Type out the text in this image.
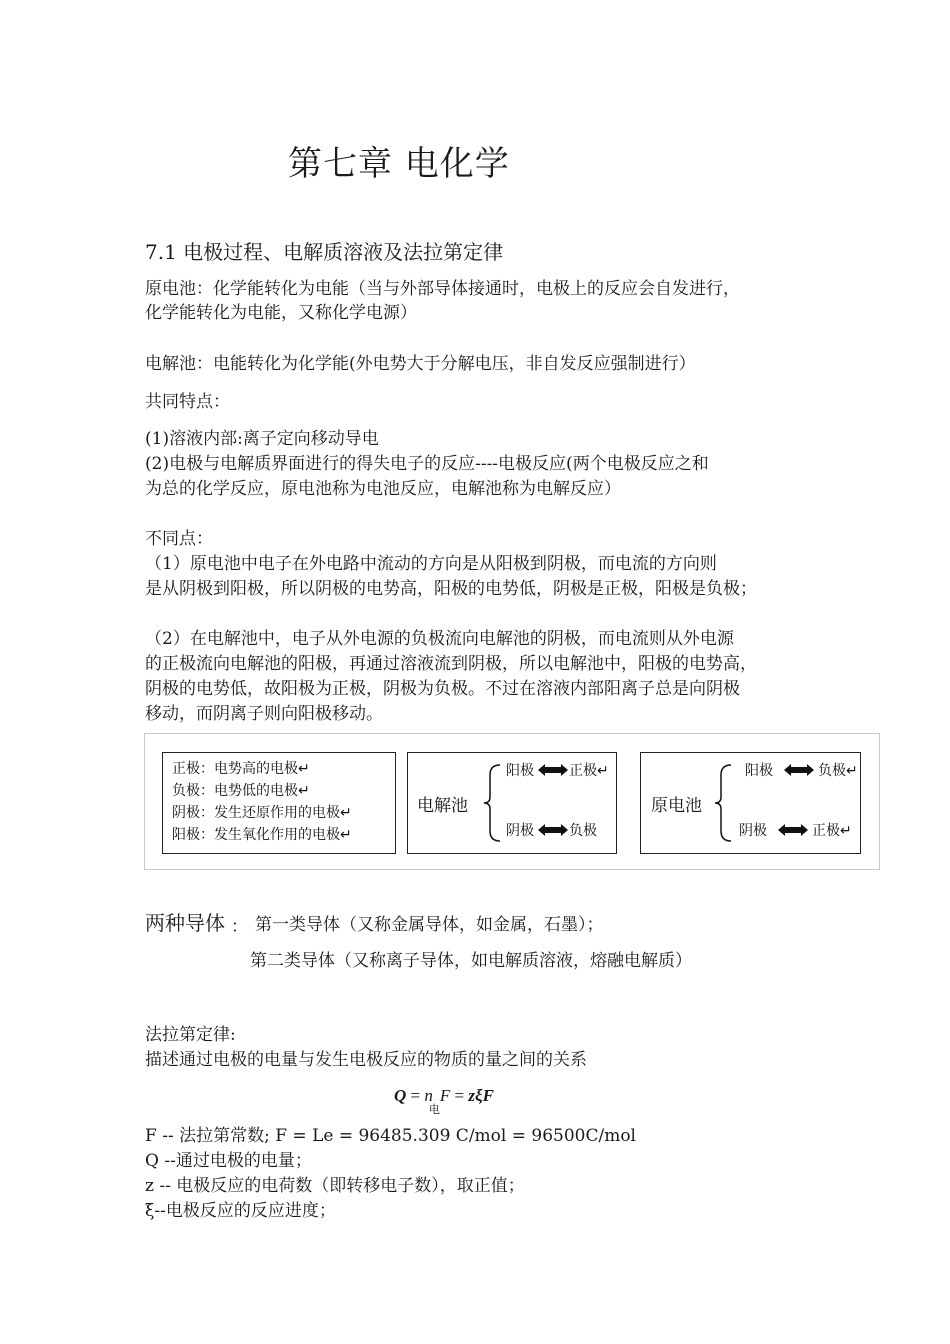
第七章 电化学
7.1 电极过程、电解质溶液及法拉第定律
原电池：化学能转化为电能（当与外部导体接通时，电极上的反应会自发进行，
化学能转化为电能，又称化学电源）
电解池：电能转化为化学能(外电势大于分解电压，非自发反应强制进行）
共同特点：
(1)溶液内部:离子定向移动导电
(2)电极与电解质界面进行的得失电子的反应----电极反应(两个电极反应之和
为总的化学反应，原电池称为电池反应，电解池称为电解反应）
不同点：
（1）原电池中电子在外电路中流动的方向是从阳极到阴极，而电流的方向则
是从阴极到阳极，所以阴极的电势高，阳极的电势低，阴极是正极，阳极是负极；
（2）在电解池中，电子从外电源的负极流向电解池的阴极，而电流则从外电源
的正极流向电解池的阳极，再通过溶液流到阴极，所以电解池中，阳极的电势高，
阴极的电势低，故阳极为正极，阴极为负极。不过在溶液内部阳离子总是向阴极
移动，而阴离子则向阳极移动。
正极：电势高的电极↵
负极：电势低的电极↵
阴极：发生还原作用的电极↵
阳极：发生氧化作用的电极↵
电解池
阳极	正极↵
阴极	负极
原电池
阳极	负极↵
阴极	正极↵
两种导体 ： 第一类导体（又称金属导体，如金属，石墨）；
第二类导体（又称离子导体，如电解质溶液，熔融电解质）
法拉第定律:
描述通过电极的电量与发生电极反应的物质的量之间的关系
$Q = n_电F = z\xi F$
F -- 法拉第常数; F = Le = 96485.309 C/mol = 96500C/mol
Q --通过电极的电量；
z -- 电极反应的电荷数（即转移电子数），取正值；
ξ--电极反应的反应进度；
